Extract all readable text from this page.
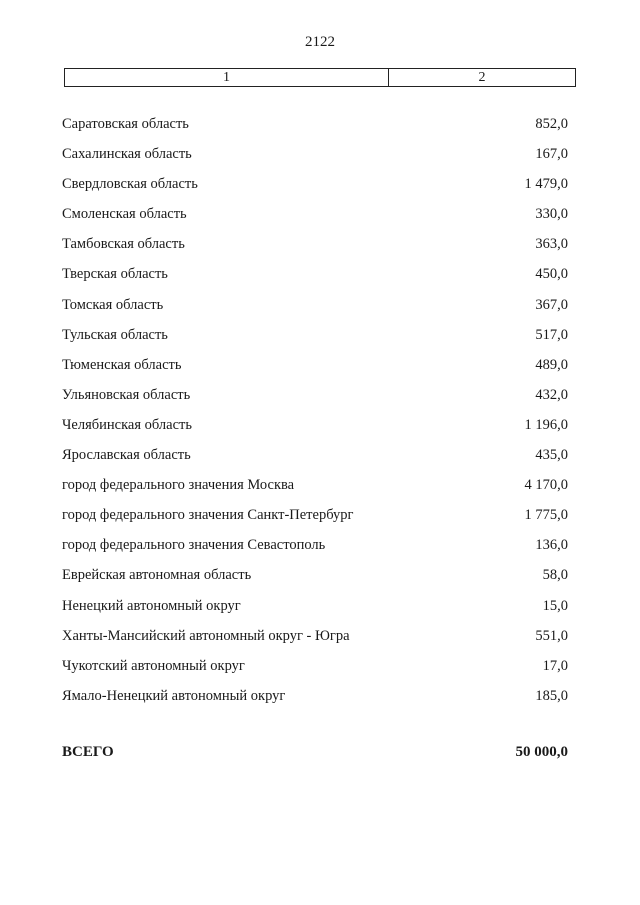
2122
1	2
Саратовская область	852,0
Сахалинская область	167,0
Свердловская область	1 479,0
Смоленская область	330,0
Тамбовская область	363,0
Тверская область	450,0
Томская область	367,0
Тульская область	517,0
Тюменская область	489,0
Ульяновская область	432,0
Челябинская область	1 196,0
Ярославская область	435,0
город федерального значения Москва	4 170,0
город федерального значения Санкт-Петербург	1 775,0
город федерального значения Севастополь	136,0
Еврейская автономная область	58,0
Ненецкий автономный округ	15,0
Ханты-Мансийский автономный округ - Югра	551,0
Чукотский автономный округ	17,0
Ямало-Ненецкий автономный округ	185,0
ВСЕГО	50 000,0
